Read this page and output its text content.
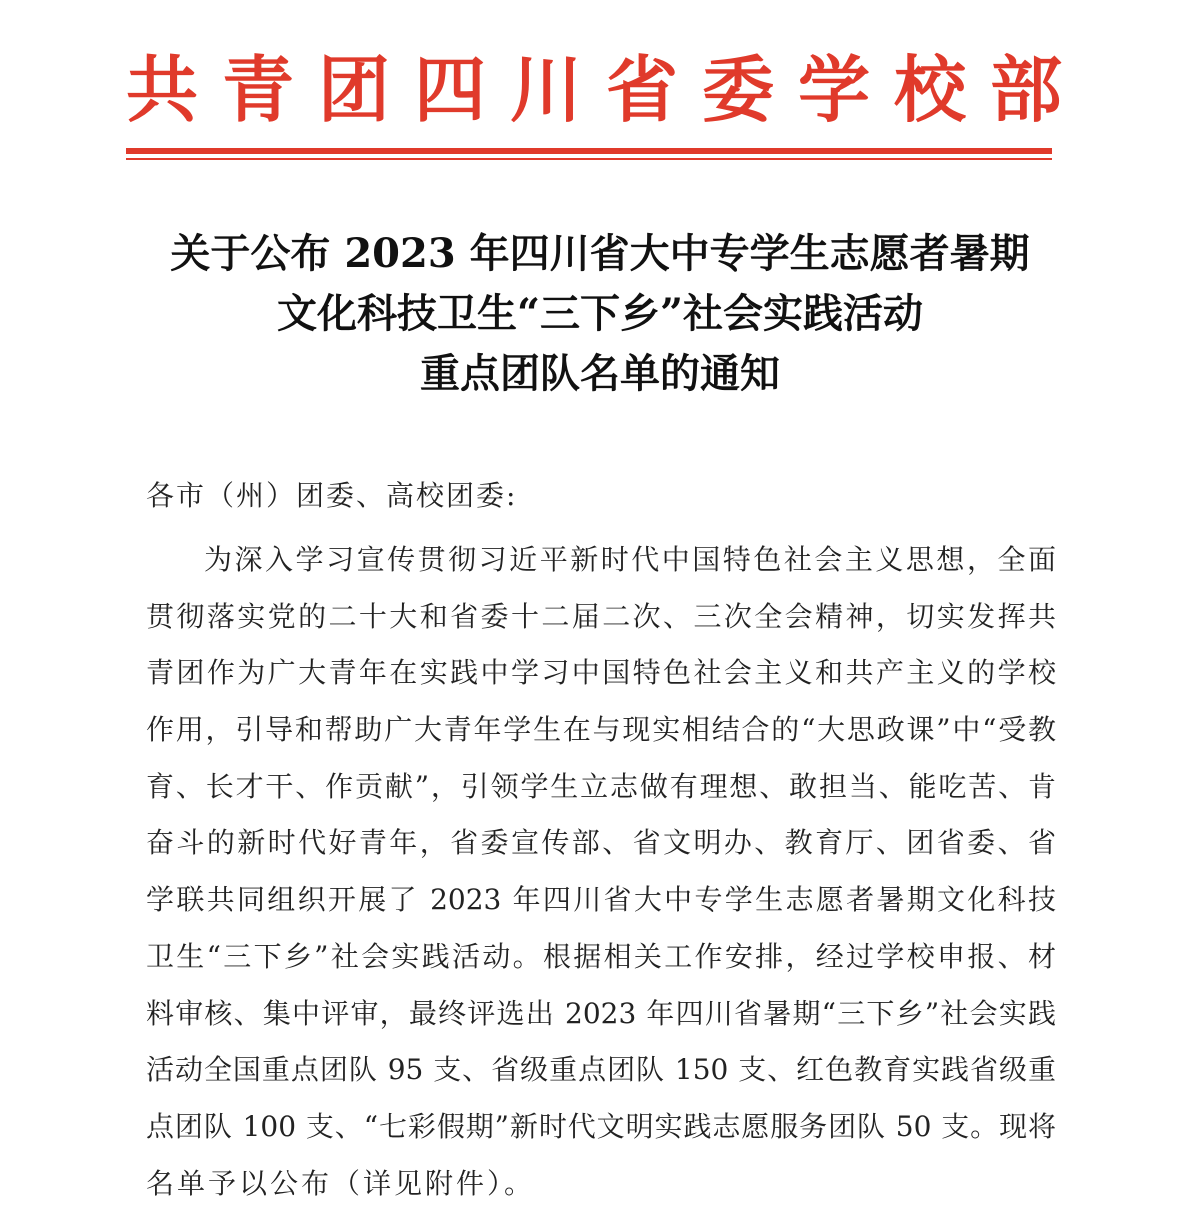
共青团四川省委学校部
关于公布 2023 年四川省大中专学生志愿者暑期
文化科技卫生“三下乡”社会实践活动
重点团队名单的通知
各市（州）团委、高校团委:
为深入学习宣传贯彻习近平新时代中国特色社会主义思想，全面
贯彻落实党的二十大和省委十二届二次、三次全会精神，切实发挥共
青团作为广大青年在实践中学习中国特色社会主义和共产主义的学校
作用，引导和帮助广大青年学生在与现实相结合的“大思政课”中“受教
育、长才干、作贡献”，引领学生立志做有理想、敢担当、能吃苦、肯
奋斗的新时代好青年，省委宣传部、省文明办、教育厅、团省委、省
学联共同组织开展了 2023 年四川省大中专学生志愿者暑期文化科技
卫生“三下乡”社会实践活动。根据相关工作安排，经过学校申报、材
料审核、集中评审，最终评选出 2023 年四川省暑期“三下乡”社会实践
活动全国重点团队 95 支、省级重点团队 150 支、红色教育实践省级重
点团队 100 支、“七彩假期”新时代文明实践志愿服务团队 50 支。现将
名单予以公布（详见附件）。
